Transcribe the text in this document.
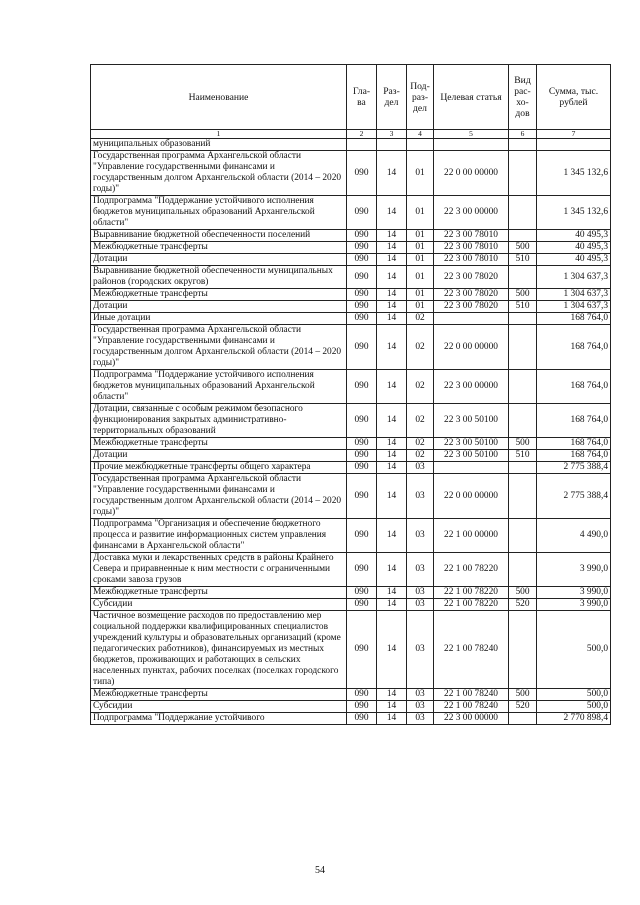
Наименование	Гла-ва	Раз-дел	Под-раз-дел	Целевая статья	Вид рас-хо-дов	Сумма, тыс. рублей
1	2	3	4	5	6	7
муниципальных образований						
Государственная программа Архангельской области "Управление государственными финансами и государственным долгом Архангельской области (2014 – 2020 годы)"	090	14	01	22 0 00 00000		1 345 132,6
Подпрограмма "Поддержание устойчивого исполнения бюджетов муниципальных образований Архангельской области"	090	14	01	22 3 00 00000		1 345 132,6
Выравнивание бюджетной обеспеченности поселений	090	14	01	22 3 00 78010		40 495,3
Межбюджетные трансферты	090	14	01	22 3 00 78010	500	40 495,3
Дотации	090	14	01	22 3 00 78010	510	40 495,3
Выравнивание бюджетной обеспеченности муниципальных районов (городских округов)	090	14	01	22 3 00 78020		1 304 637,3
Межбюджетные трансферты	090	14	01	22 3 00 78020	500	1 304 637,3
Дотации	090	14	01	22 3 00 78020	510	1 304 637,3
Иные дотации	090	14	02			168 764,0
Государственная программа Архангельской области "Управление государственными финансами и государственным долгом Архангельской области (2014 – 2020 годы)"	090	14	02	22 0 00 00000		168 764,0
Подпрограмма "Поддержание устойчивого исполнения бюджетов муниципальных образований Архангельской области"	090	14	02	22 3 00 00000		168 764,0
Дотации, связанные с особым режимом безопасного функционирования закрытых административно-территориальных образований	090	14	02	22 3 00 50100		168 764,0
Межбюджетные трансферты	090	14	02	22 3 00 50100	500	168 764,0
Дотации	090	14	02	22 3 00 50100	510	168 764,0
Прочие межбюджетные трансферты общего характера	090	14	03			2 775 388,4
Государственная программа Архангельской области "Управление государственными финансами и государственным долгом Архангельской области (2014 – 2020 годы)"	090	14	03	22 0 00 00000		2 775 388,4
Подпрограмма "Организация и обеспечение бюджетного процесса и развитие информационных систем управления финансами в Архангельской области"	090	14	03	22 1 00 00000		4 490,0
Доставка муки и лекарственных средств в районы Крайнего Севера и приравненные к ним местности с ограниченными сроками завоза грузов	090	14	03	22 1 00 78220		3 990,0
Межбюджетные трансферты	090	14	03	22 1 00 78220	500	3 990,0
Субсидии	090	14	03	22 1 00 78220	520	3 990,0
Частичное возмещение расходов по предоставлению мер социальной поддержки квалифицированных специалистов учреждений культуры и образовательных организаций (кроме педагогических работников), финансируемых из местных бюджетов, проживающих и работающих в сельских населенных пунктах, рабочих поселках (поселках городского типа)	090	14	03	22 1 00 78240		500,0
Межбюджетные трансферты	090	14	03	22 1 00 78240	500	500,0
Субсидии	090	14	03	22 1 00 78240	520	500,0
Подпрограмма "Поддержание устойчивого	090	14	03	22 3 00 00000		2 770 898,4
54
